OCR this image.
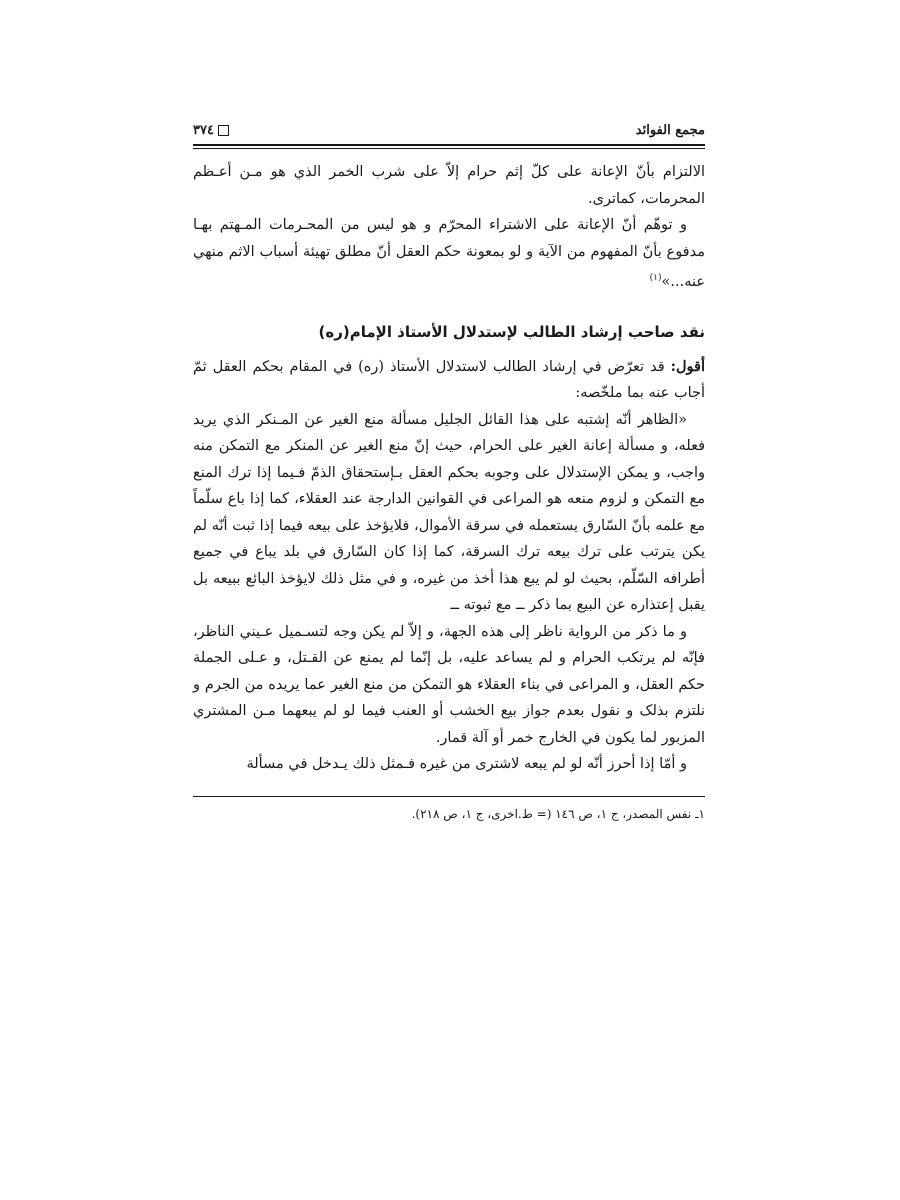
مجمع الفوائد
٣٧٤

الالتزام بأنّ الإعانة على كلّ إثم حرام إلاّ على شرب الخمر الذي هو مـن أعـظم المحرمات، كماترى.

و توهّم أنّ الإعانة على الاشتراء المحرّم و هو ليس من المحـرمات المـهتم بهـا مدفوع بأنّ المفهوم من الآية و لو بمعونة حكم العقل أنّ مطلق تهيئة أسباب الاثم منهي عنه...»$^{(١)}$

نقد صاحب إرشاد الطالب لإستدلال الأستاذ الإمام(ره)

أقول: قد تعرّض في إرشاد الطالب لاستدلال الأستاذ (ره) في المقام بحكم العقل ثمّ أجاب عنه بما ملخّصه:

«الظاهر أنّه إشتبه على هذا القائل الجليل مسألة منع الغير عن المـنكر الذي يريد فعله، و مسألة إعانة الغير على الحرام، حيث إنّ منع الغير عن المنكر مع التمكن منه واجب، و يمكن الإستدلال على وجوبه بحكم العقل بـإستحقاق الذمّ فـيما إذا ترك المنع مع التمكن و لزوم منعه هو المراعى في القوانين الدارجة عند العقلاء، كما إذا باع سلّماً مع علمه بأنّ السّارق يستعمله في سرقة الأموال، فلايؤخذ على بيعه فيما إذا ثبت أنّه لم يكن يترتب على ترك بيعه ترك السرقة، كما إذا كان السّارق في بلد يباع في جميع أطرافه السّلّم، بحيث لو لم يبع هذا أخذ من غيره، و في مثل ذلك لايؤخذ البائع ببيعه بل يقبل إعتذاره عن البيع بما ذكر ــ مع ثبوته ــ

و ما ذكر من الرواية ناظر إلى هذه الجهة، و إلاّ لم يكن وجه لتسـميل عـيني الناظر، فإنّه لم يرتكب الحرام و لم يساعد عليه، بل إنّما لم يمنع عن القـتل، و عـلى الجملة حكم العقل، و المراعى في بناء العقلاء هو التمكن من منع الغير عما يريده من الجرم و نلتزم بذلک و نقول بعدم جواز بيع الخشب أو العنب فيما لو لم يبعهما مـن المشتري المزبور لما يكون في الخارج خمر أو آلة قمار.

و أمّا إذا أحرز أنّه لو لم يبعه لاشترى من غيره فـمثل ذلك يـدخل في مسألة

١ـ نفس المصدر، ج ١، ص ١٤٦ (= ط.اخرى، ج ١، ص ٢١٨).
